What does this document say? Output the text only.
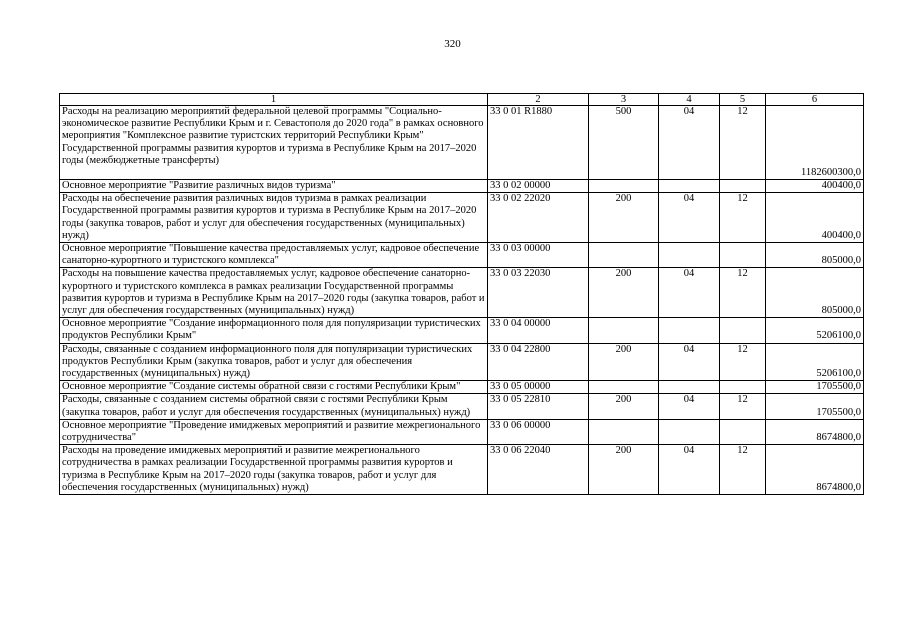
320
1	2	3	4	5	6
Расходы на реализацию мероприятий федеральной целевой программы "Социально-экономическое развитие Республики Крым и г. Севастополя до 2020 года" в рамках основного мероприятия "Комплексное развитие туристских территорий Республики Крым" Государственной программы развития курортов и туризма в Республике Крым на 2017–2020 годы (межбюджетные трансферты)	33 0 01 R1880	500	04	12	1182600300,0
Основное мероприятие "Развитие различных видов туризма"	33 0 02 00000				400400,0
Расходы на обеспечение развития различных видов туризма в рамках реализации Государственной программы развития курортов и туризма в Республике Крым на 2017–2020 годы (закупка товаров, работ и услуг для обеспечения государственных (муниципальных) нужд)	33 0 02 22020	200	04	12	400400,0
Основное мероприятие "Повышение качества предоставляемых услуг, кадровое обеспечение санаторно-курортного и туристского комплекса"	33 0 03 00000				805000,0
Расходы на повышение качества предоставляемых услуг, кадровое обеспечение санаторно-курортного и туристского комплекса в рамках реализации Государственной программы развития курортов и туризма в Республике Крым на 2017–2020 годы (закупка товаров, работ и услуг для обеспечения государственных (муниципальных) нужд)	33 0 03 22030	200	04	12	805000,0
Основное мероприятие "Создание информационного поля для популяризации туристических продуктов Республики Крым"	33 0 04 00000				5206100,0
Расходы, связанные с созданием информационного поля для популяризации туристических продуктов Республики Крым (закупка товаров, работ и услуг для обеспечения государственных (муниципальных) нужд)	33 0 04 22800	200	04	12	5206100,0
Основное мероприятие "Создание системы обратной связи с гостями Республики Крым"	33 0 05 00000				1705500,0
Расходы, связанные с созданием системы обратной связи с гостями Республики Крым (закупка товаров, работ и услуг для обеспечения государственных (муниципальных) нужд)	33 0 05 22810	200	04	12	1705500,0
Основное мероприятие "Проведение имиджевых мероприятий и развитие межрегионального сотрудничества"	33 0 06 00000				8674800,0
Расходы на проведение имиджевых мероприятий и развитие межрегионального сотрудничества в рамках реализации Государственной программы развития курортов и туризма в Республике Крым на 2017–2020 годы (закупка товаров, работ и услуг для обеспечения государственных (муниципальных) нужд)	33 0 06 22040	200	04	12	8674800,0
